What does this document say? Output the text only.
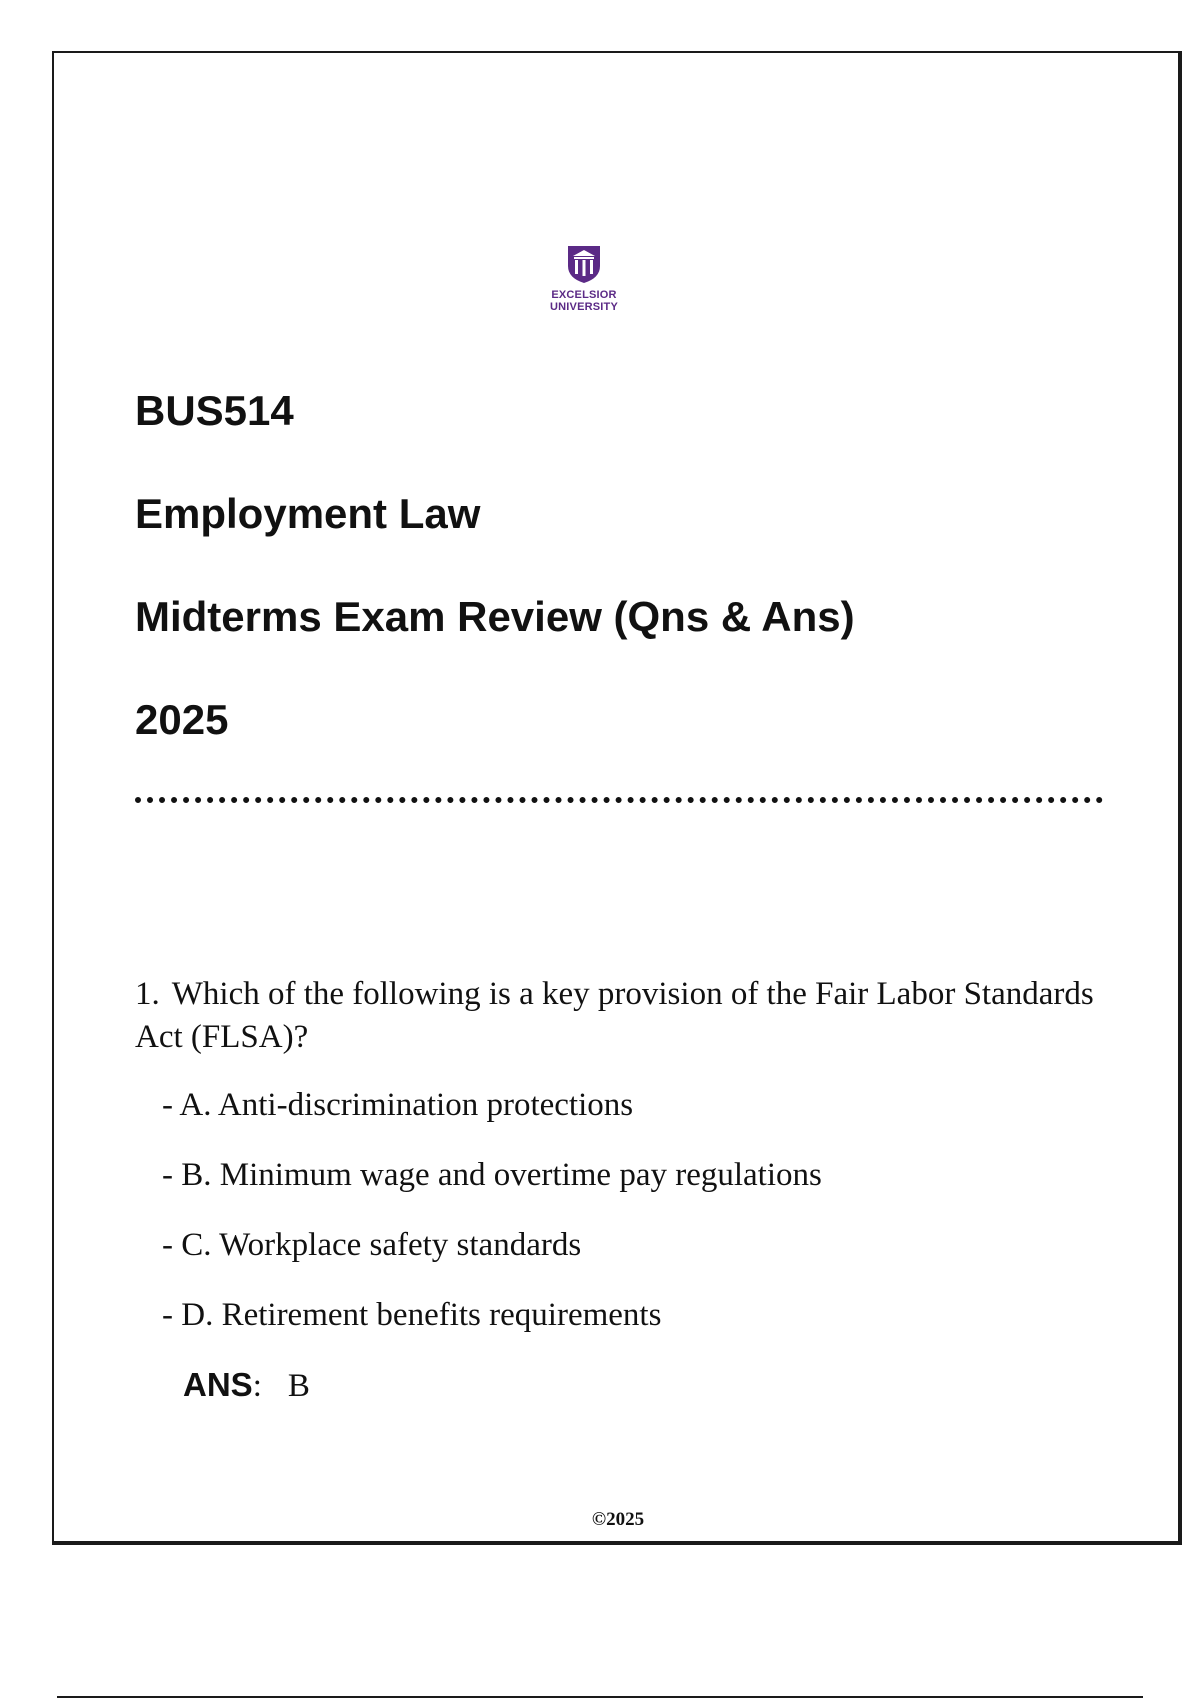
EXCELSIOR
UNIVERSITY
BUS514
Employment Law
Midterms Exam Review (Qns & Ans)
2025
1. Which of the following is a key provision of the Fair Labor Standards Act (FLSA)?
- A. Anti-discrimination protections
- B. Minimum wage and overtime pay regulations
- C. Workplace safety standards
- D. Retirement benefits requirements
ANS: B
©2025
